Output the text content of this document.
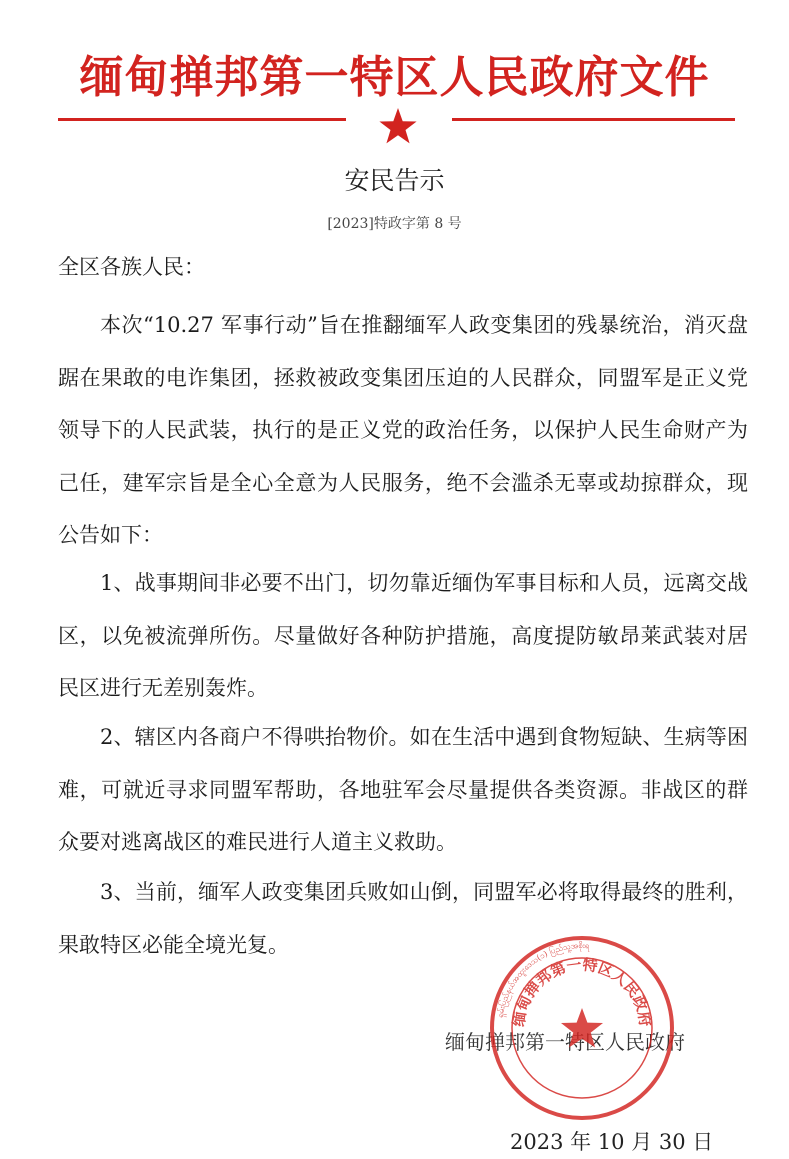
缅甸掸邦第一特区人民政府文件
安民告示
[2023]特政字第 8 号
全区各族人民：
本次“10.27 军事行动”旨在推翻缅军人政变集团的残暴统治，消灭盘踞在果敢的电诈集团，拯救被政变集团压迫的人民群众，同盟军是正义党领导下的人民武装，执行的是正义党的政治任务，以保护人民生命财产为己任，建军宗旨是全心全意为人民服务，绝不会滥杀无辜或劫掠群众，现公告如下：
1、战事期间非必要不出门，切勿靠近缅伪军事目标和人员，远离交战区，以免被流弹所伤。尽量做好各种防护措施，高度提防敏昂莱武装对居民区进行无差别轰炸。
2、辖区内各商户不得哄抬物价。如在生活中遇到食物短缺、生病等困难，可就近寻求同盟军帮助，各地驻军会尽量提供各类资源。非战区的群众要对逃离战区的难民进行人道主义救助。
3、当前，缅军人政变集团兵败如山倒，同盟军必将取得最终的胜利，果敢特区必能全境光复。
缅甸掸邦第一特区人民政府
2023 年 10 月 30 日
ရှမ်းပြည်နယ်အထူးဒေသ(၁) ပြည်သူ့အစိုးရ
缅甸掸邦第一特区人民政府
